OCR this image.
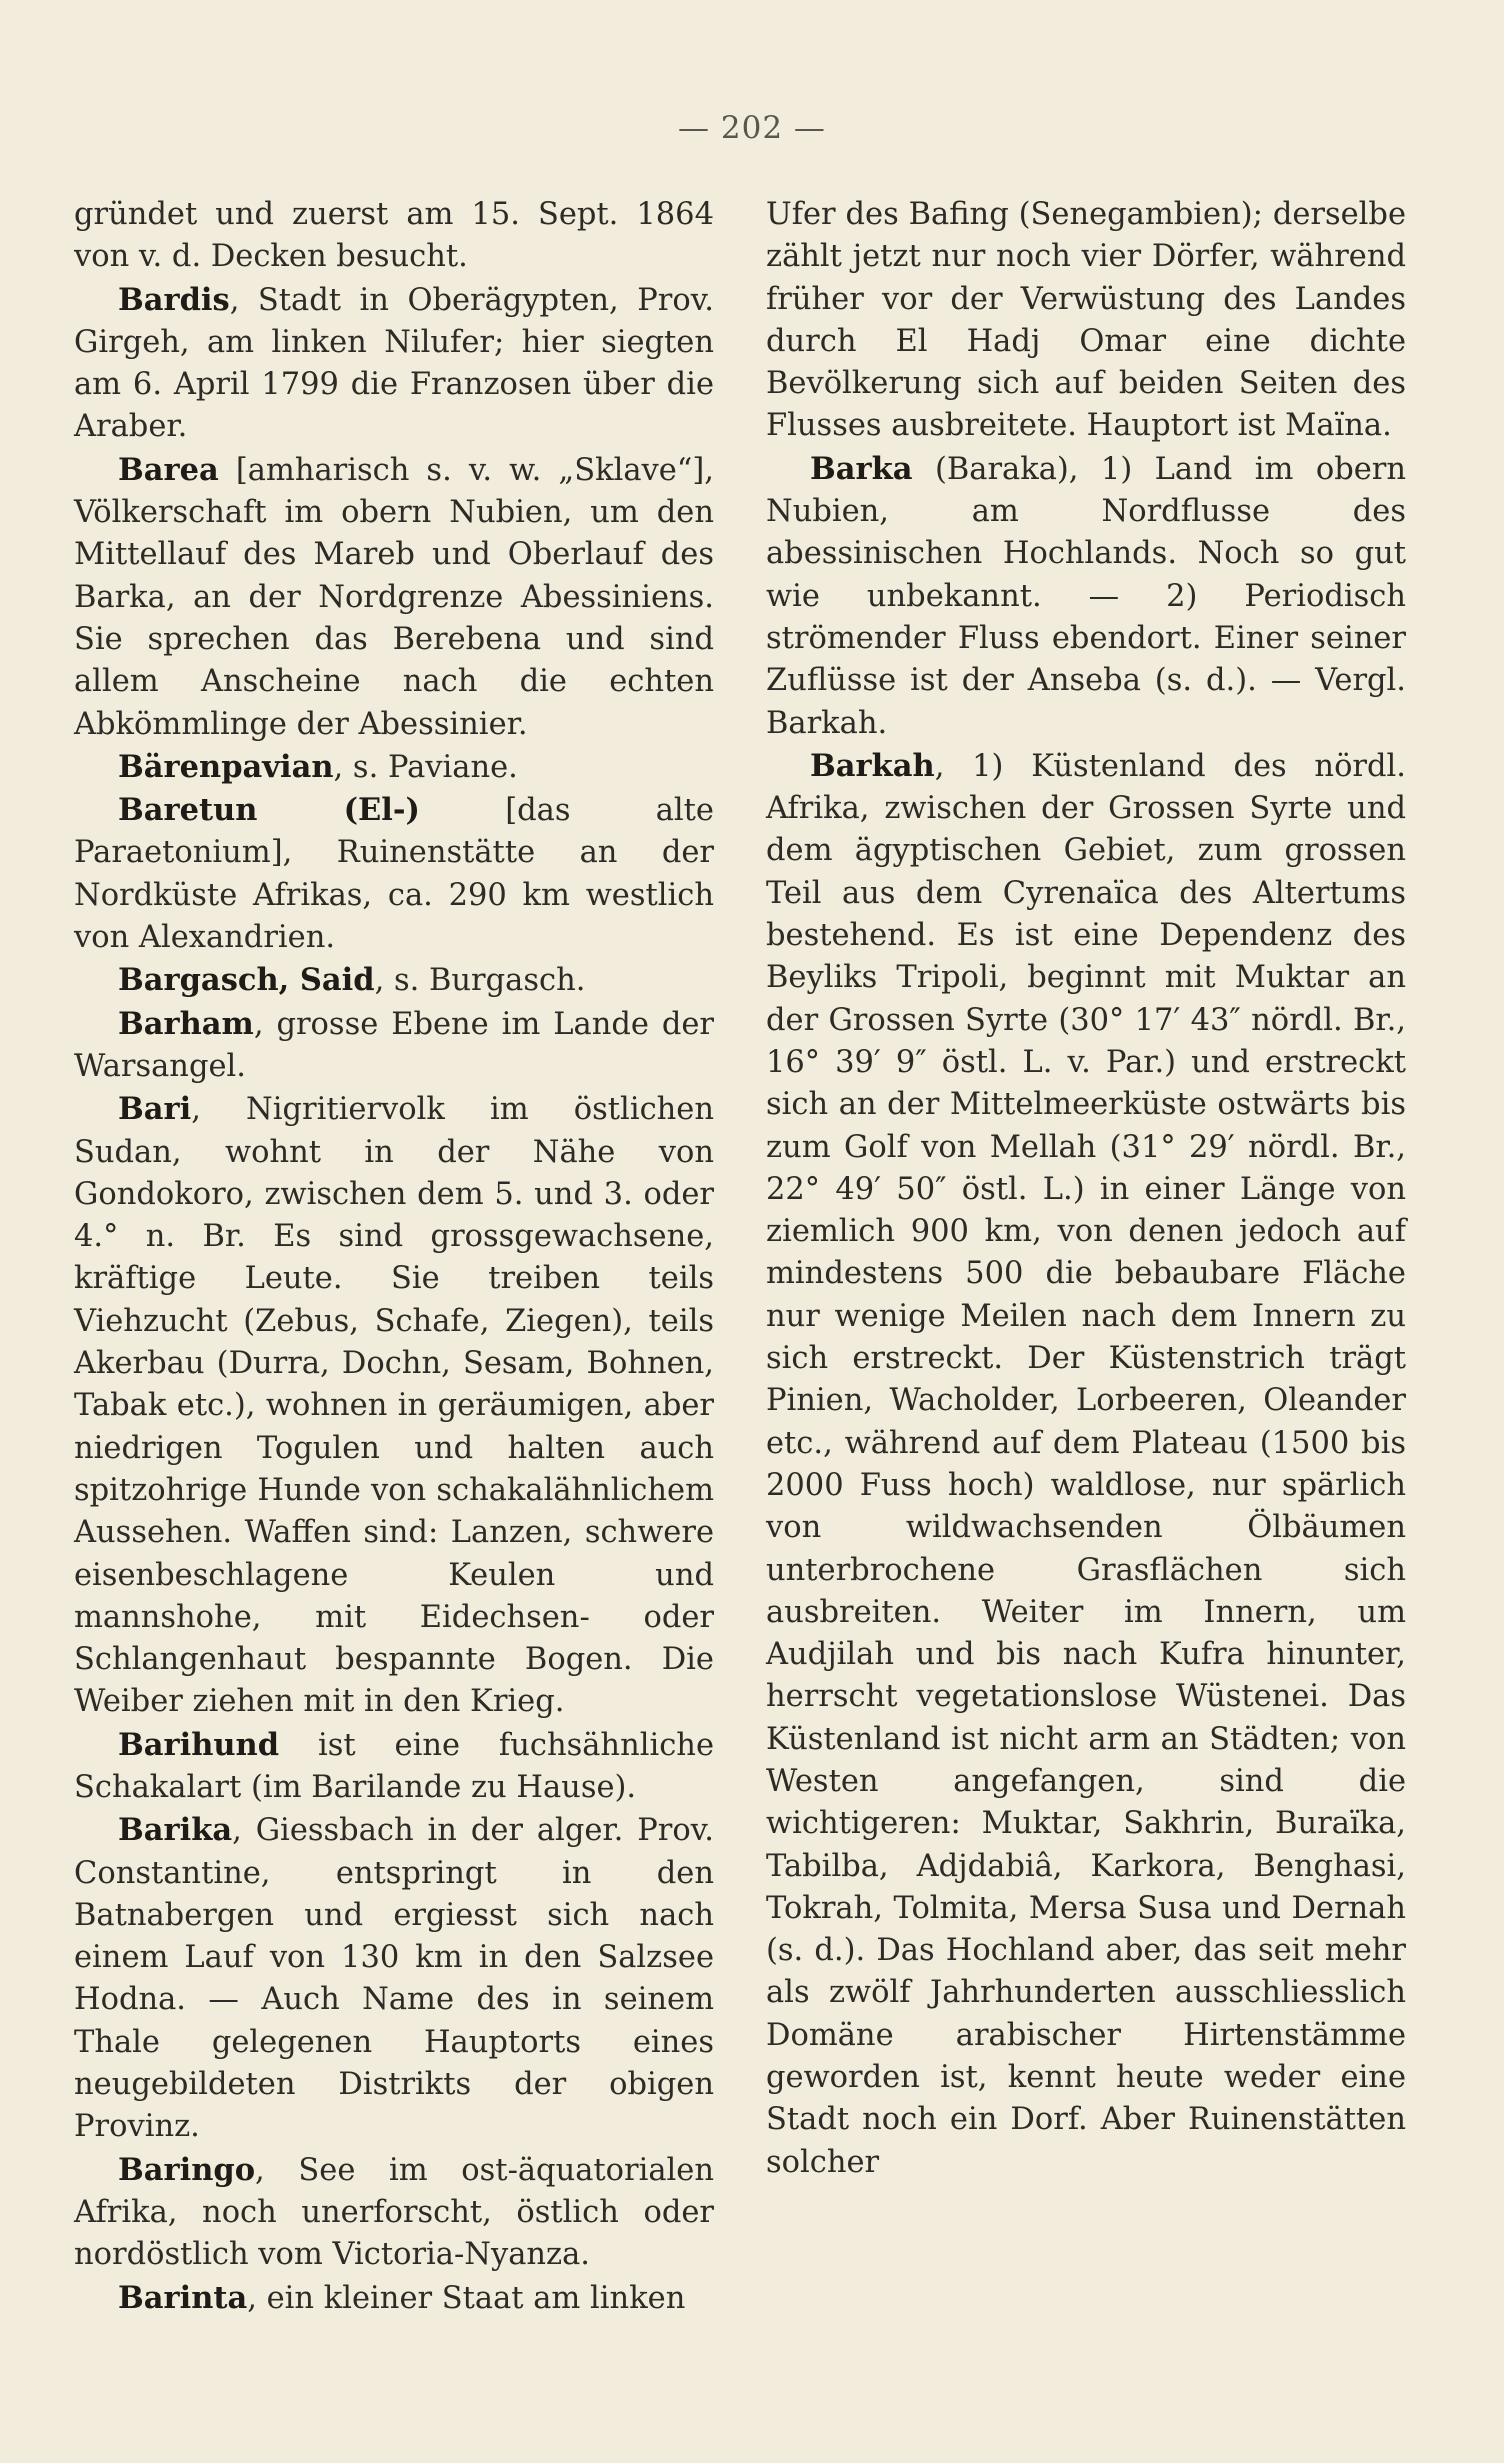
— 202 —

gründet und zuerst am 15. Sept. 1864 von v. d. Decken besucht.

Bardis, Stadt in Oberägypten, Prov. Girgeh, am linken Nilufer; hier siegten am 6. April 1799 die Franzosen über die Araber.

Barea [amharisch s. v. w. „Sklave“], Völkerschaft im obern Nubien, um den Mittellauf des Mareb und Oberlauf des Barka, an der Nordgrenze Abessiniens. Sie sprechen das Berebena und sind allem Anscheine nach die echten Abkömmlinge der Abessinier.

Bärenpavian, s. Paviane.

Baretun (El-) [das alte Paraetonium], Ruinenstätte an der Nordküste Afrikas, ca. 290 km westlich von Alexandrien.

Bargasch, Said, s. Burgasch.

Barham, grosse Ebene im Lande der Warsangel.

Bari, Nigritiervolk im östlichen Sudan, wohnt in der Nähe von Gondokoro, zwischen dem 5. und 3. oder 4.° n. Br. Es sind grossgewachsene, kräftige Leute. Sie treiben teils Viehzucht (Zebus, Schafe, Ziegen), teils Akerbau (Durra, Dochn, Sesam, Bohnen, Tabak etc.), wohnen in geräumigen, aber niedrigen Togulen und halten auch spitzohrige Hunde von schakalähnlichem Aussehen. Waffen sind: Lanzen, schwere eisenbeschlagene Keulen und mannshohe, mit Eidechsen- oder Schlangenhaut bespannte Bogen. Die Weiber ziehen mit in den Krieg.

Barihund ist eine fuchsähnliche Schakalart (im Barilande zu Hause).

Barika, Giessbach in der alger. Prov. Constantine, entspringt in den Batnabergen und ergiesst sich nach einem Lauf von 130 km in den Salzsee Hodna. — Auch Name des in seinem Thale gelegenen Hauptorts eines neugebildeten Distrikts der obigen Provinz.

Baringo, See im ost-äquatorialen Afrika, noch unerforscht, östlich oder nordöstlich vom Victoria-Nyanza.

Barinta, ein kleiner Staat am linken

Ufer des Bafing (Senegambien); derselbe zählt jetzt nur noch vier Dörfer, während früher vor der Verwüstung des Landes durch El Hadj Omar eine dichte Bevölkerung sich auf beiden Seiten des Flusses ausbreitete. Hauptort ist Maïna.

Barka (Baraka), 1) Land im obern Nubien, am Nordflusse des abessinischen Hochlands. Noch so gut wie unbekannt. — 2) Periodisch strömender Fluss ebendort. Einer seiner Zuflüsse ist der Anseba (s. d.). — Vergl. Barkah.

Barkah, 1) Küstenland des nördl. Afrika, zwischen der Grossen Syrte und dem ägyptischen Gebiet, zum grossen Teil aus dem Cyrenaïca des Altertums bestehend. Es ist eine Dependenz des Beyliks Tripoli, beginnt mit Muktar an der Grossen Syrte (30° 17′ 43″ nördl. Br., 16° 39′ 9″ östl. L. v. Par.) und erstreckt sich an der Mittelmeerküste ostwärts bis zum Golf von Mellah (31° 29′ nördl. Br., 22° 49′ 50″ östl. L.) in einer Länge von ziemlich 900 km, von denen jedoch auf mindestens 500 die bebaubare Fläche nur wenige Meilen nach dem Innern zu sich erstreckt. Der Küstenstrich trägt Pinien, Wacholder, Lorbeeren, Oleander etc., während auf dem Plateau (1500 bis 2000 Fuss hoch) waldlose, nur spärlich von wildwachsenden Ölbäumen unterbrochene Grasflächen sich ausbreiten. Weiter im Innern, um Audjilah und bis nach Kufra hinunter, herrscht vegetationslose Wüstenei. Das Küstenland ist nicht arm an Städten; von Westen angefangen, sind die wichtigeren: Muktar, Sakhrin, Buraïka, Tabilba, Adjdabiâ, Karkora, Benghasi, Tokrah, Tolmita, Mersa Susa und Dernah (s. d.). Das Hochland aber, das seit mehr als zwölf Jahrhunderten ausschliesslich Domäne arabischer Hirtenstämme geworden ist, kennt heute weder eine Stadt noch ein Dorf. Aber Ruinenstätten solcher
